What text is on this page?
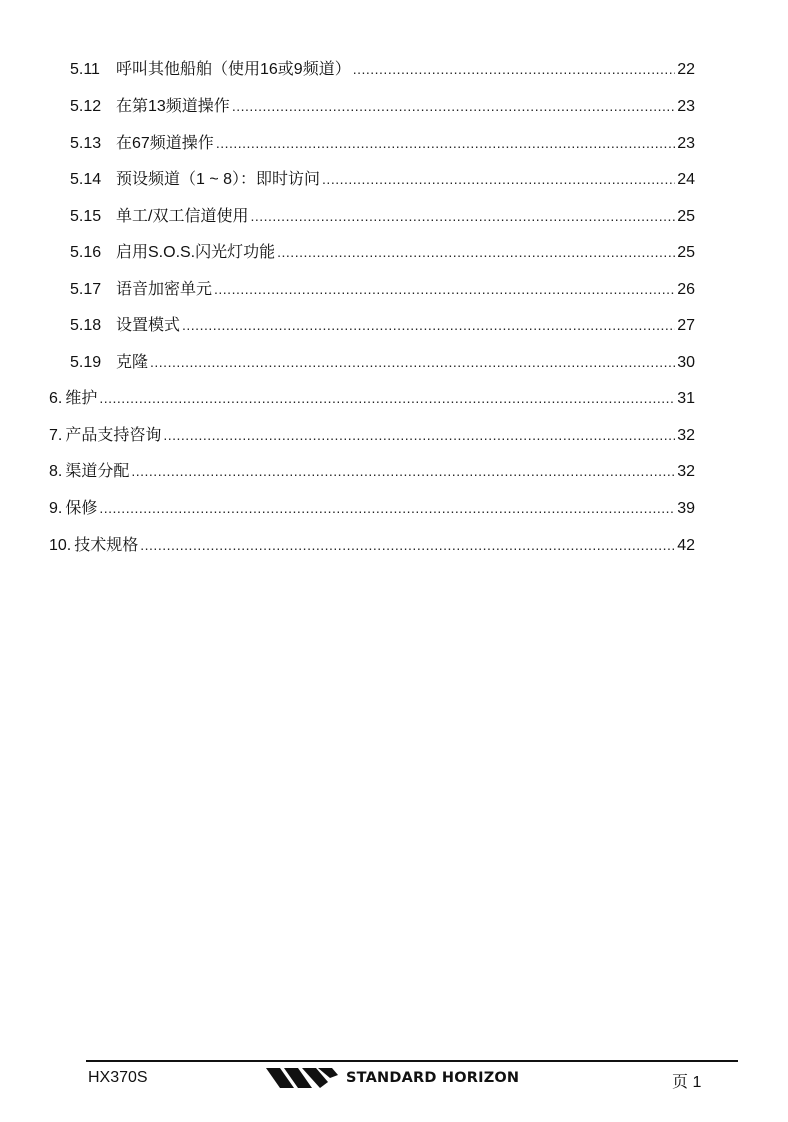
5.11	呼叫其他船舶（使用16或9频道） .....	22
5.12 在第13频道操作 .....	23
5.13 在67频道操作 .....	23
5.14 预设频道（1 ~ 8）：即时访问 .....	24
5.15 单工/双工信道使用 .....	25
5.16 启用S.O.S.闪光灯功能 .....	25
5.17 语音加密单元 .....	26
5.18 设置模式 .....	27
5.19 克隆 .....	30
6. 维护 .....	31
7. 产品支持咨询 .....	32
8. 渠道分配 .....	32
9. 保修 .....	39
10. 技术规格 .....	42
HX370S	STANDARD HORIZON	页 1
